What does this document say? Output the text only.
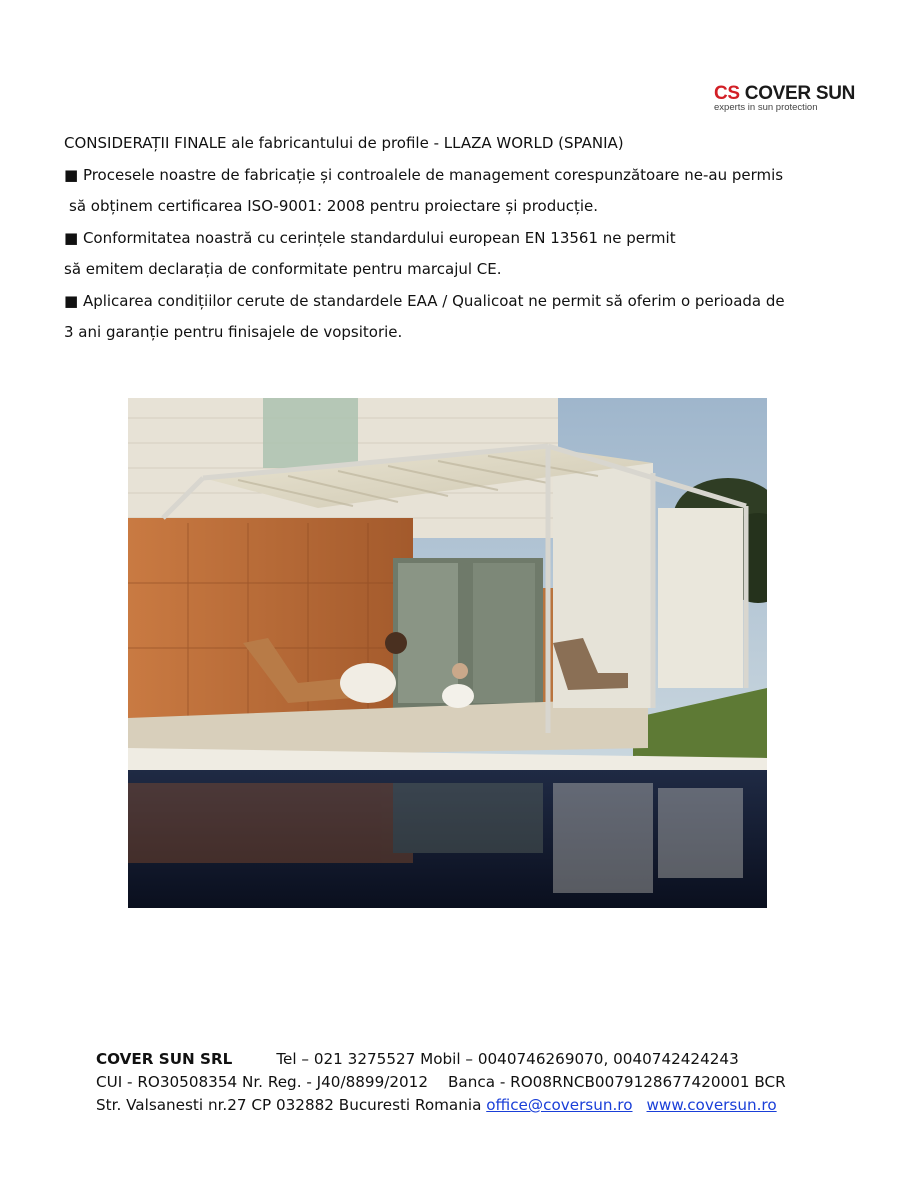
CS COVER SUN
experts in sun protection

CONSIDERAȚII FINALE ale fabricantului de profile - LLAZA WORLD (SPANIA)

■ Procesele noastre de fabricație și controalele de management corespunzătoare ne-au permis

să obținem certificarea ISO-9001: 2008 pentru proiectare și producție.

■ Conformitatea noastră cu cerințele standardului european EN 13561 ne permit

să emitem declarația de conformitate pentru marcajul CE.

■ Aplicarea condițiilor cerute de standardele EAA / Qualicoat ne permit să oferim o perioada de

3 ani garanție pentru finisajele de vopsitorie.

COVER SUN SRL	Tel – 021 3275527 Mobil – 0040746269070, 0040742424243
CUI - RO30508354 Nr. Reg. - J40/8899/2012 Banca - RO08RNCB0079128677420001 BCR
Str. Valsanesti nr.27 CP 032882 Bucuresti Romania office@coversun.ro www.coversun.ro
